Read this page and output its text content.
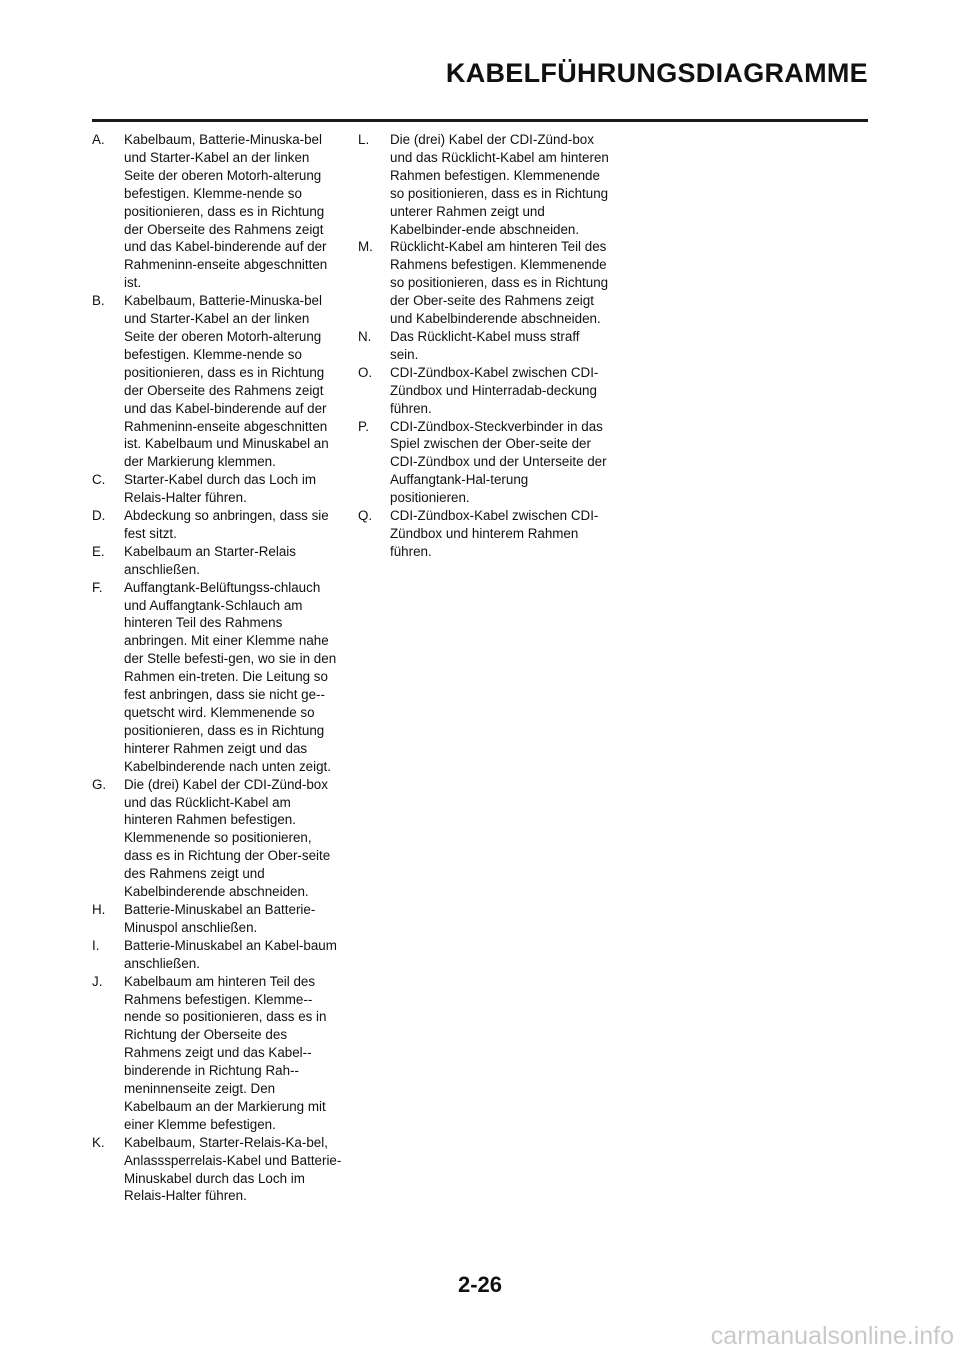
KABELFÜHRUNGSDIAGRAMME
A. Kabelbaum, Batterie-Minuska-bel und Starter-Kabel an der linken Seite der oberen Motorh-alterung befestigen. Klemme-nende so positionieren, dass es in Richtung der Oberseite des Rahmens zeigt und das Kabel-binderende auf der Rahmeninn-enseite abgeschnitten ist.
B. Kabelbaum, Batterie-Minuska-bel und Starter-Kabel an der linken Seite der oberen Motorh-alterung befestigen. Klemme-nende so positionieren, dass es in Richtung der Oberseite des Rahmens zeigt und das Kabel-binderende auf der Rahmeninn-enseite abgeschnitten ist. Kabelbaum und Minuskabel an der Markierung klemmen.
C. Starter-Kabel durch das Loch im Relais-Halter führen.
D. Abdeckung so anbringen, dass sie fest sitzt.
E. Kabelbaum an Starter-Relais anschließen.
F. Auffangtank-Belüftungss-chlauch und Auffangtank-Schlauch am hinteren Teil des Rahmens anbringen. Mit einer Klemme nahe der Stelle befesti-gen, wo sie in den Rahmen ein-treten. Die Leitung so fest anbringen, dass sie nicht ge-quetscht wird. Klemmenende so positionieren, dass es in Richtung hinterer Rahmen zeigt und das Kabelbinderende nach unten zeigt.
G. Die (drei) Kabel der CDI-Zünd-box und das Rücklicht-Kabel am hinteren Rahmen befestigen. Klemmenende so positionieren, dass es in Richtung der Ober-seite des Rahmens zeigt und Kabelbinderende abschneiden.
H. Batterie-Minuskabel an Batterie-Minuspol anschließen.
I. Batterie-Minuskabel an Kabel-baum anschließen.
J. Kabelbaum am hinteren Teil des Rahmens befestigen. Klemme-nende so positionieren, dass es in Richtung der Oberseite des Rahmens zeigt und das Kabel-binderende in Richtung Rah-meninnenseite zeigt. Den Kabelbaum an der Markierung mit einer Klemme befestigen.
K. Kabelbaum, Starter-Relais-Ka-bel, Anlasssperrelais-Kabel und Batterie-Minuskabel durch das Loch im Relais-Halter führen.
L. Die (drei) Kabel der CDI-Zünd-box und das Rücklicht-Kabel am hinteren Rahmen befestigen. Klemmenende so positionieren, dass es in Richtung unterer Rahmen zeigt und Kabelbinder-ende abschneiden.
M. Rücklicht-Kabel am hinteren Teil des Rahmens befestigen. Klemmenende so positionieren, dass es in Richtung der Ober-seite des Rahmens zeigt und Kabelbinderende abschneiden.
N. Das Rücklicht-Kabel muss straff sein.
O. CDI-Zündbox-Kabel zwischen CDI-Zündbox und Hinterradab-deckung führen.
P. CDI-Zündbox-Steckverbinder in das Spiel zwischen der Ober-seite der CDI-Zündbox und der Unterseite der Auffangtank-Hal-terung positionieren.
Q. CDI-Zündbox-Kabel zwischen CDI-Zündbox und hinterem Rahmen führen.
2-26
carmanualsonline.info
